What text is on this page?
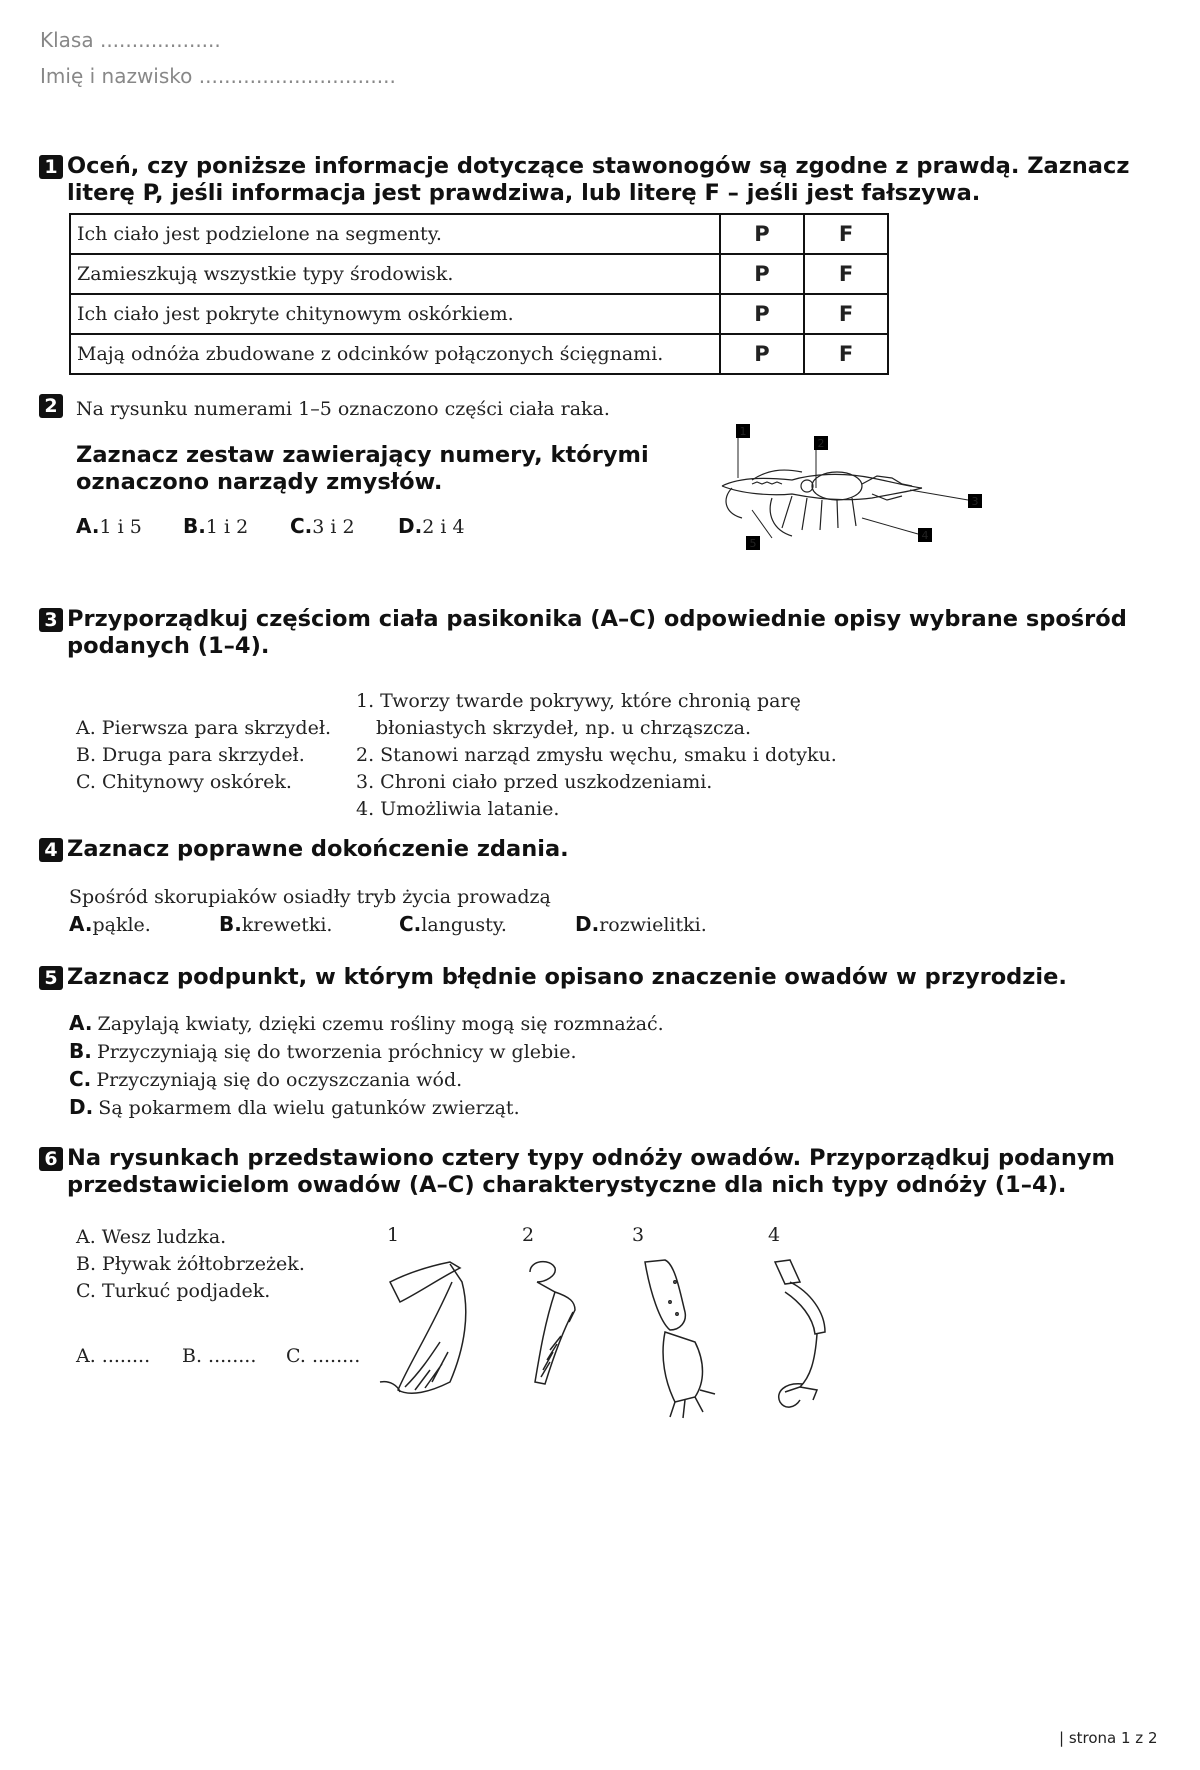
Klasa ...................
Imię i nazwisko ...............................
1 Oceń, czy poniższe informacje dotyczące stawonogów są zgodne z prawdą. Zaznacz literę P, jeśli informacja jest prawdziwa, lub literę F – jeśli jest fałszywa.
Ich ciało jest podzielone na segmenty.	P	F
Zamieszkują wszystkie typy środowisk.	P	F
Ich ciało jest pokryte chitynowym oskórkiem.	P	F
Mają odnóża zbudowane z odcinków połączonych ścięgnami.	P	F
2 Na rysunku numerami 1–5 oznaczono części ciała raka.
Zaznacz zestaw zawierający numery, którymi oznaczono narządy zmysłów.
A.1 i 5 B.1 i 2 C.3 i 2 D.2 i 4
1
2
3
4
5
3 Przyporządkuj częściom ciała pasikonika (A–C) odpowiednie opisy wybrane spośród podanych (1–4).
A. Pierwsza para skrzydeł.
B. Druga para skrzydeł.
C. Chitynowy oskórek.
1. Tworzy twarde pokrywy, które chronią parę
błoniastych skrzydeł, np. u chrząszcza.
2. Stanowi narząd zmysłu węchu, smaku i dotyku.
3. Chroni ciało przed uszkodzeniami.
4. Umożliwia latanie.
4 Zaznacz poprawne dokończenie zdania.
Spośród skorupiaków osiadły tryb życia prowadzą
A.pąkle.	B.krewetki.	C.langusty.	D.rozwielitki.
5 Zaznacz podpunkt, w którym błędnie opisano znaczenie owadów w przyrodzie.
A. Zapylają kwiaty, dzięki czemu rośliny mogą się rozmnażać.
B. Przyczyniają się do tworzenia próchnicy w glebie.
C. Przyczyniają się do oczyszczania wód.
D. Są pokarmem dla wielu gatunków zwierząt.
6 Na rysunkach przedstawiono cztery typy odnóży owadów. Przyporządkuj podanym przedstawicielom owadów (A–C) charakterystyczne dla nich typy odnóży (1–4).
A. Wesz ludzka.
B. Pływak żółtobrzeżek.
C. Turkuć podjadek.
A. ........ B. ........ C. ........
1	2	3	4
| strona 1 z 2
